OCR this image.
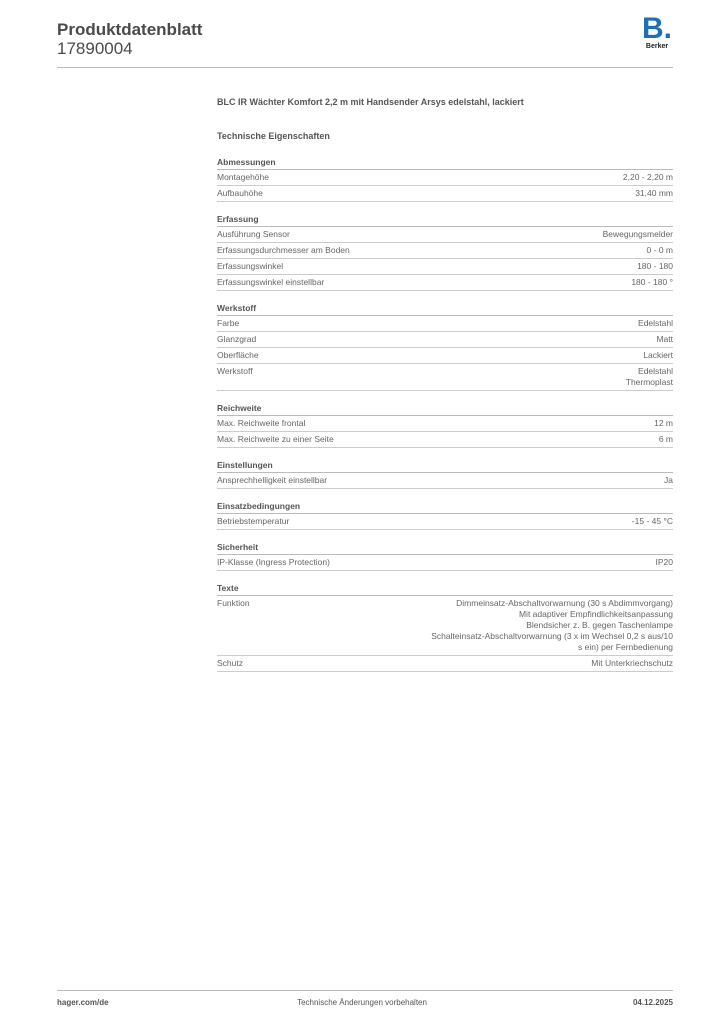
Produktdatenblatt
17890004
B.
Berker
BLC IR Wächter Komfort 2,2 m mit Handsender Arsys edelstahl, lackiert
Technische Eigenschaften
Abmessungen
Montagehöhe	2,20 - 2,20 m
Aufbauhöhe	31,40 mm
Erfassung
Ausführung Sensor	Bewegungsmelder
Erfassungsdurchmesser am Boden	0 - 0 m
Erfassungswinkel	180 - 180
Erfassungswinkel einstellbar	180 - 180 °
Werkstoff
Farbe	Edelstahl
Glanzgrad	Matt
Oberfläche	Lackiert
Werkstoff	Edelstahl
Thermoplast
Reichweite
Max. Reichweite frontal	12 m
Max. Reichweite zu einer Seite	6 m
Einstellungen
Ansprechhelligkeit einstellbar	Ja
Einsatzbedingungen
Betriebstemperatur	-15 - 45 °C
Sicherheit
IP-Klasse (Ingress Protection)	IP20
Texte
Funktion	Dimmeinsatz-Abschaltvorwarnung (30 s Abdimmvorgang)
Mit adaptiver Empfindlichkeitsanpassung
Blendsicher z. B. gegen Taschenlampe
Schalteinsatz-Abschaltvorwarnung (3 x im Wechsel 0,2 s aus/10
s ein) per Fernbedienung
Schutz	Mit Unterkriechschutz
hager.com/de	Technische Änderungen vorbehalten	04.12.2025
